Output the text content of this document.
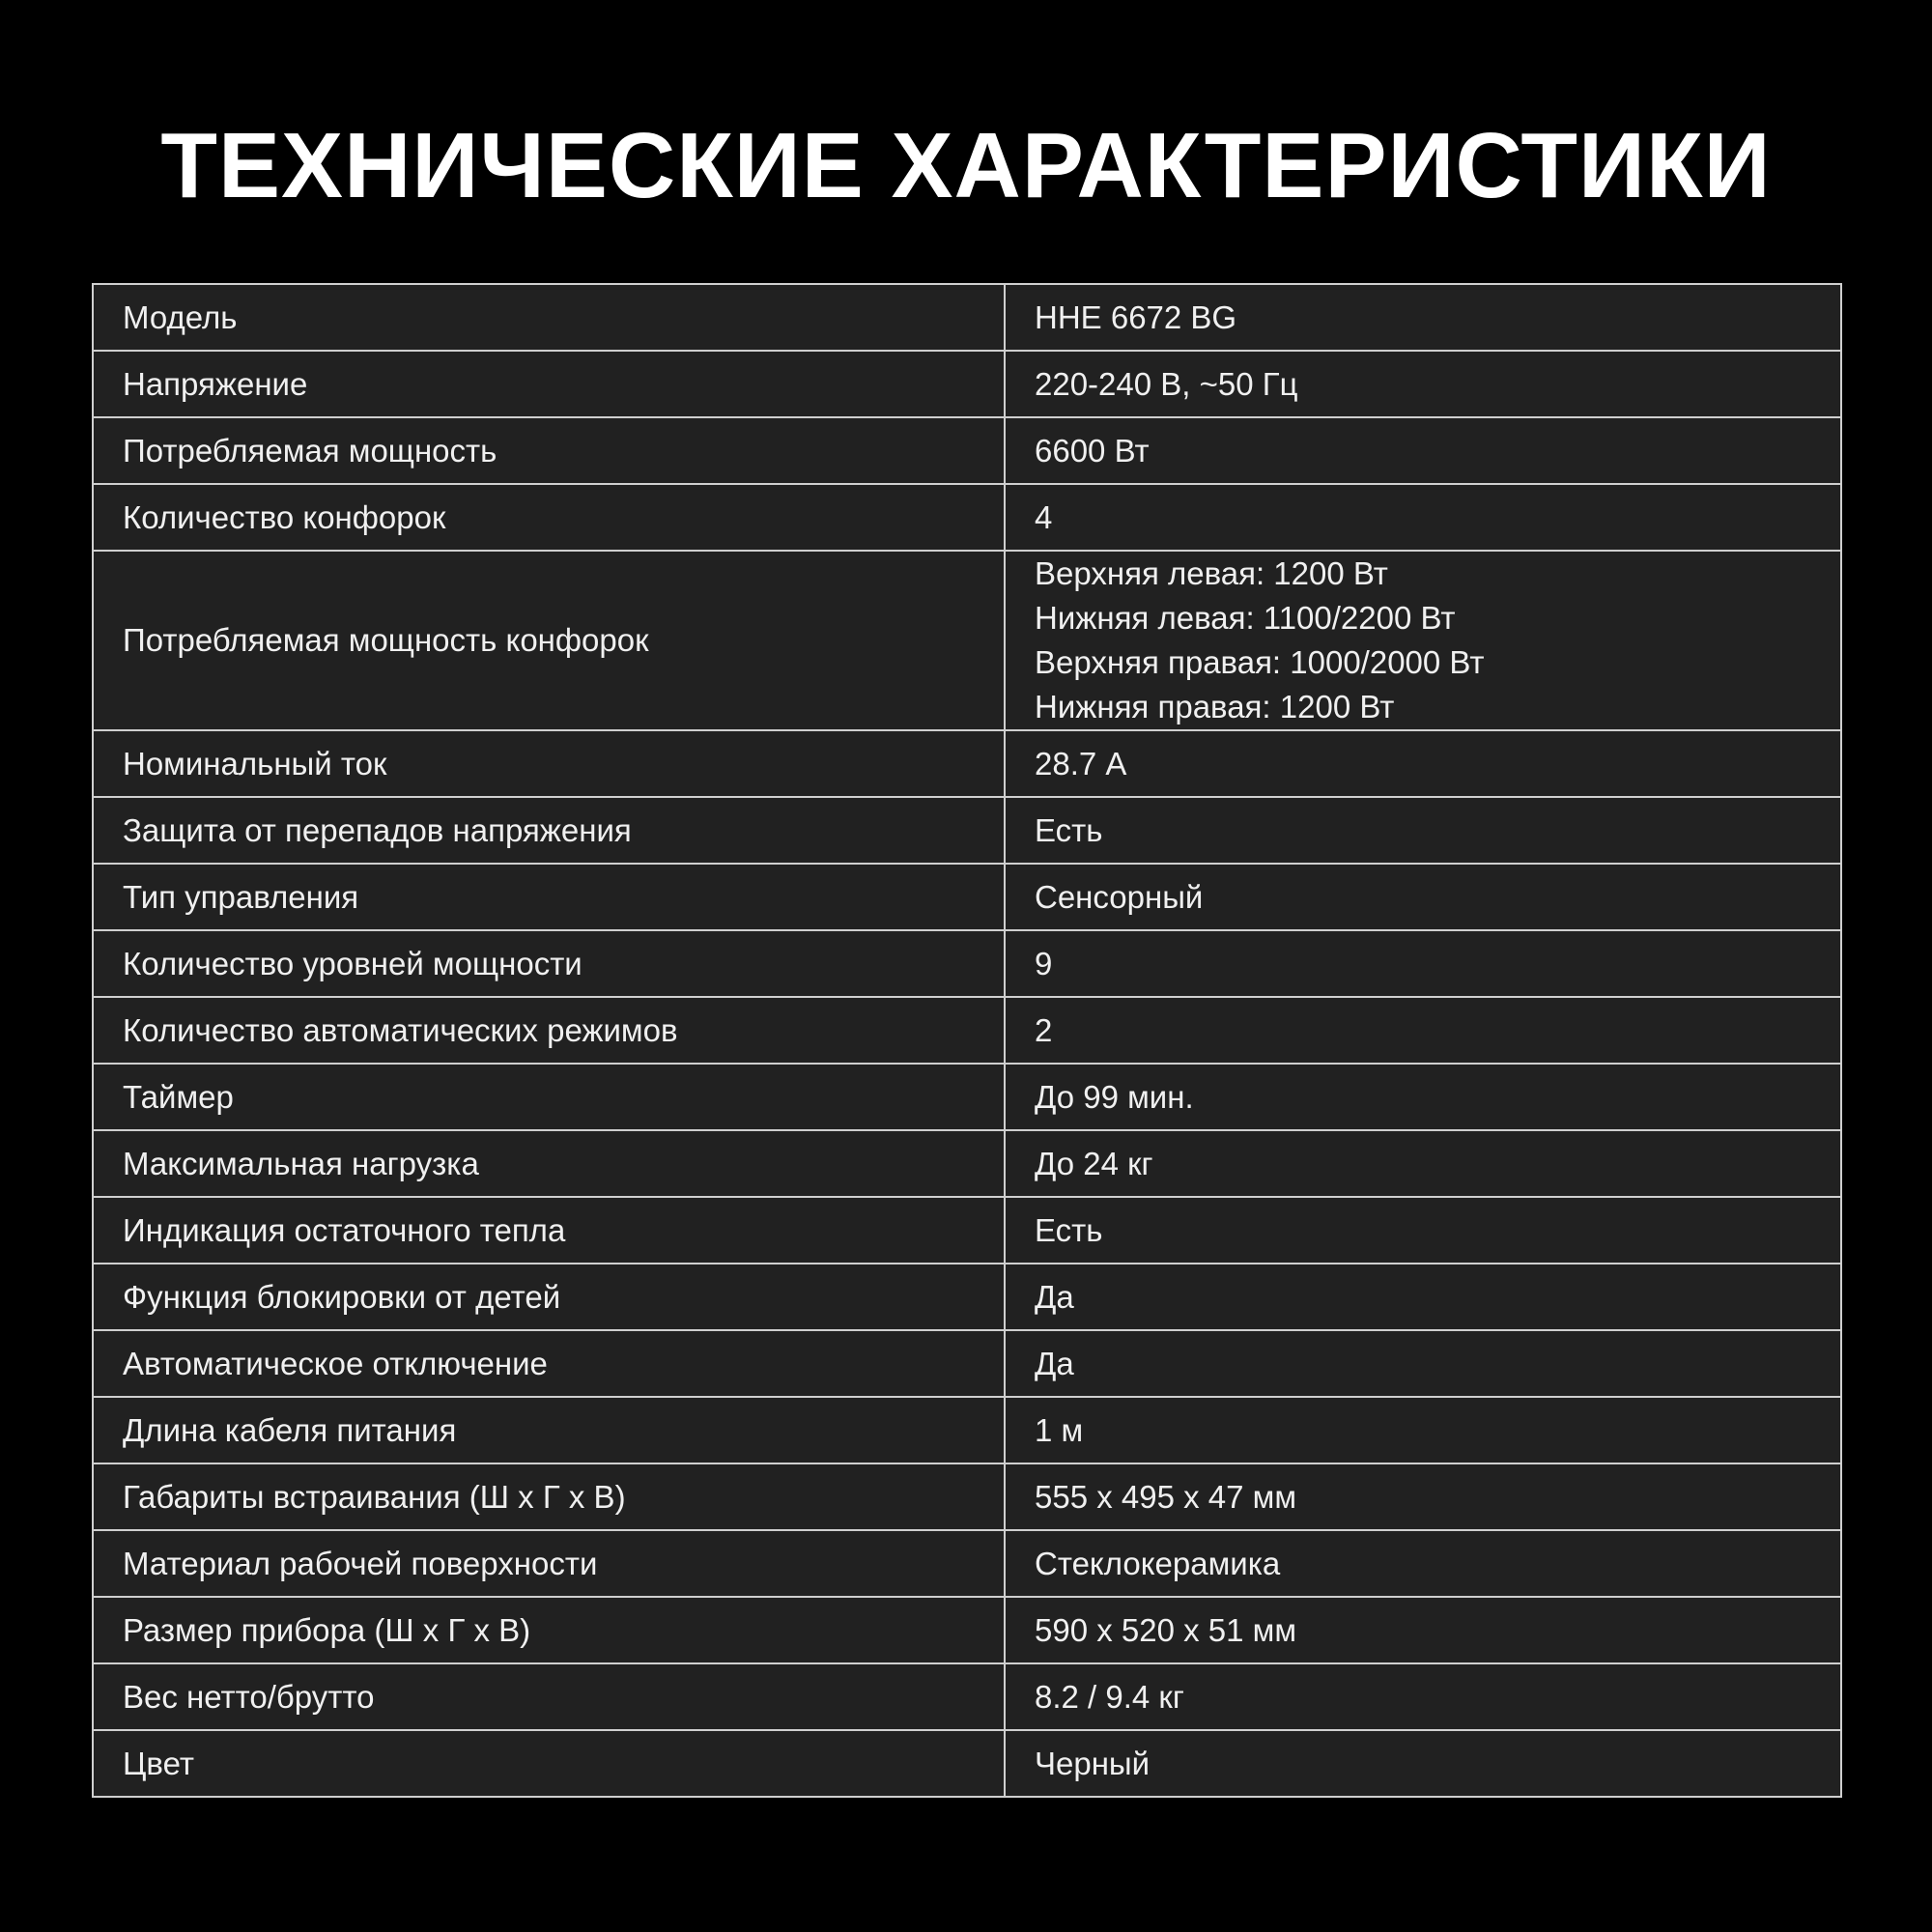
ТЕХНИЧЕСКИЕ ХАРАКТЕРИСТИКИ
Модель	HHE 6672 BG
Напряжение	220-240 В, ~50 Гц
Потребляемая мощность	6600 Вт
Количество конфорок	4
Потребляемая мощность конфорок	Верхняя левая: 1200 Вт
Нижняя левая: 1100/2200 Вт
Верхняя правая: 1000/2000 Вт
Нижняя правая: 1200 Вт

Номинальный ток	28.7 А
Защита от перепадов напряжения	Есть
Тип управления	Сенсорный
Количество уровней мощности	9
Количество автоматических режимов	2
Таймер	До 99 мин.
Максимальная нагрузка	До 24 кг
Индикация остаточного тепла	Есть
Функция блокировки от детей	Да
Автоматическое отключение	Да
Длина кабеля питания	1 м
Габариты встраивания (Ш х Г х В)	555 х 495 х 47 мм
Материал рабочей поверхности	Стеклокерамика
Размер прибора (Ш х Г х В)	590 х 520 х 51 мм
Вес нетто/брутто	8.2 / 9.4 кг
Цвет	Черный
